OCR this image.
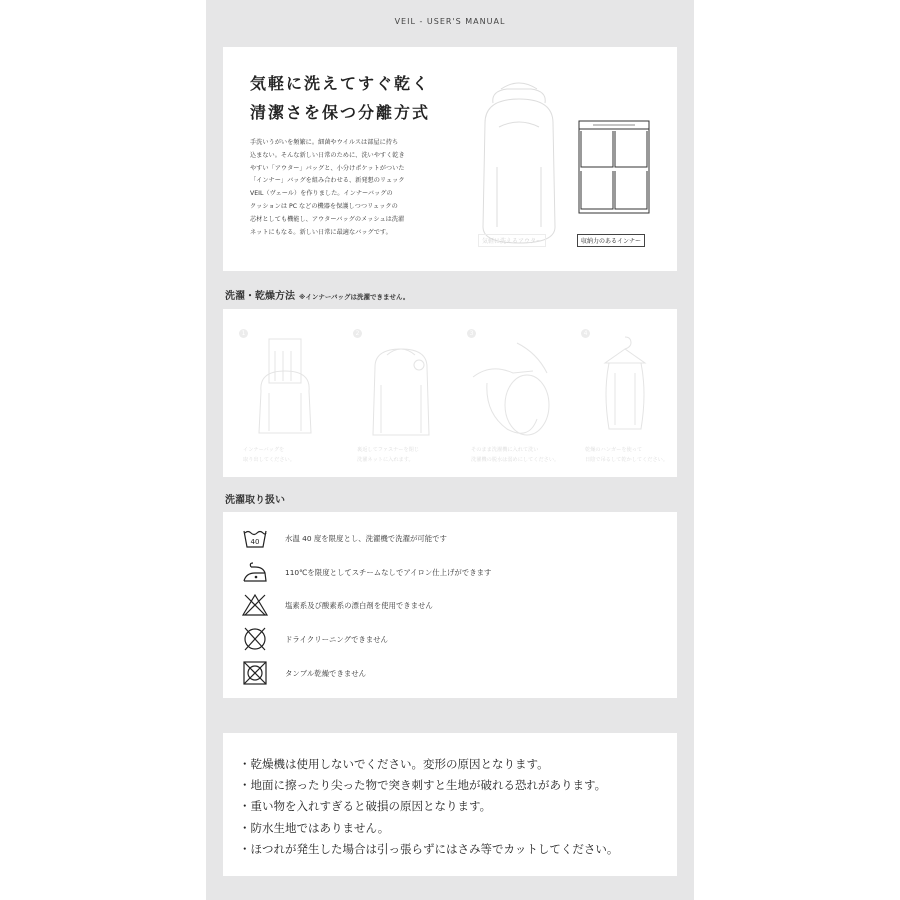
VEIL - USER'S MANUAL
気軽に洗えてすぐ乾く
清潔さを保つ分離方式
手洗いうがいを頻繁に。細菌やウイルスは部屋に持ち
込まない。そんな新しい日常のために、洗いやすく乾き
やすい「アウター」バッグと、小分けポケットがついた
「インナー」バッグを組み合わせる、新発想のリュック
VEIL（ヴェール）を作りました。インナーバッグの
クッションは PC などの機器を保護しつつリュックの
芯材としても機能し、アウターバッグのメッシュは洗濯
ネットにもなる。新しい日常に最適なバッグです。
気軽に洗えるアウター	収納力のあるインナー
洗濯・乾燥方法 ※インナーバッグは洗濯できません。
1
インナーバッグを
取り出してください。
2
裏返してファスナーを閉じ
洗濯ネットに入れます。
3
そのまま洗濯機に入れて洗い
洗濯機の脱水は弱めにしてください。
4
乾燥のハンガーを使って
日陰で吊るして乾かしてください。
洗濯取り扱い
40	水温 40 度を限度とし、洗濯機で洗濯が可能です
110℃を限度としてスチームなしでアイロン仕上げができます
塩素系及び酸素系の漂白剤を使用できません
ドライクリーニングできません
タンブル乾燥できません
・乾燥機は使用しないでください。変形の原因となります。
・地面に擦ったり尖った物で突き刺すと生地が破れる恐れがあります。
・重い物を入れすぎると破損の原因となります。
・防水生地ではありません。
・ほつれが発生した場合は引っ張らずにはさみ等でカットしてください。
